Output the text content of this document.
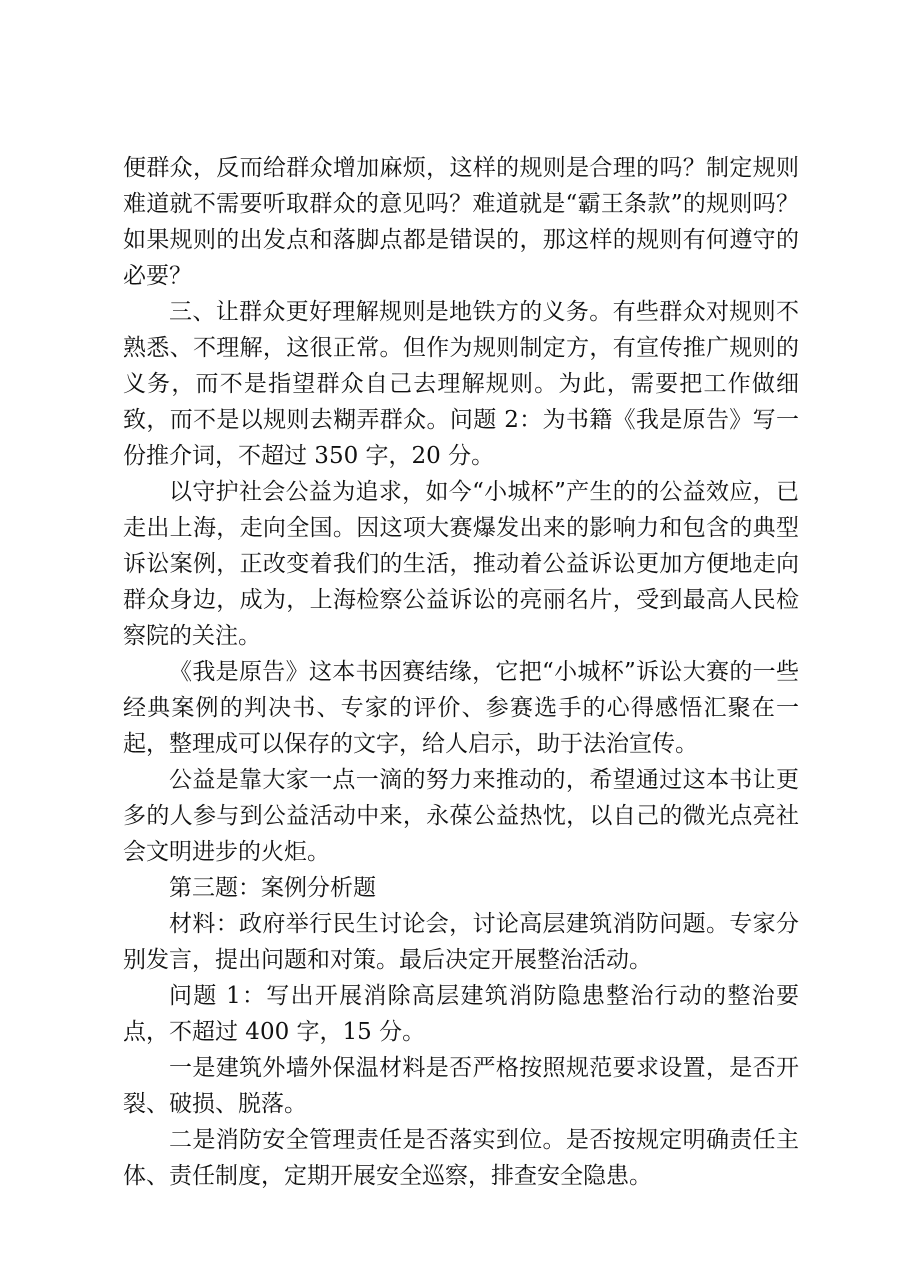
便群众，反而给群众增加麻烦，这样的规则是合理的吗？制定规则难道就不需要听取群众的意见吗？难道就是“霸王条款”的规则吗？如果规则的出发点和落脚点都是错误的，那这样的规则有何遵守的必要？

三、让群众更好理解规则是地铁方的义务。有些群众对规则不熟悉、不理解，这很正常。但作为规则制定方，有宣传推广规则的义务，而不是指望群众自己去理解规则。为此，需要把工作做细致，而不是以规则去糊弄群众。问题 2：为书籍《我是原告》写一份推介词，不超过 350 字，20 分。

以守护社会公益为追求，如今“小城杯”产生的的公益效应，已走出上海，走向全国。因这项大赛爆发出来的影响力和包含的典型诉讼案例，正改变着我们的生活，推动着公益诉讼更加方便地走向群众身边，成为，上海检察公益诉讼的亮丽名片，受到最高人民检察院的关注。

《我是原告》这本书因赛结缘，它把“小城杯”诉讼大赛的一些经典案例的判决书、专家的评价、参赛选手的心得感悟汇聚在一起，整理成可以保存的文字，给人启示，助于法治宣传。

公益是靠大家一点一滴的努力来推动的，希望通过这本书让更多的人参与到公益活动中来，永葆公益热忱，以自己的微光点亮社会文明进步的火炬。

第三题：案例分析题

材料：政府举行民生讨论会，讨论高层建筑消防问题。专家分别发言，提出问题和对策。最后决定开展整治活动。

问题 1：写出开展消除高层建筑消防隐患整治行动的整治要点，不超过 400 字，15 分。

一是建筑外墙外保温材料是否严格按照规范要求设置，是否开裂、破损、脱落。

二是消防安全管理责任是否落实到位。是否按规定明确责任主体、责任制度，定期开展安全巡察，排查安全隐患。
